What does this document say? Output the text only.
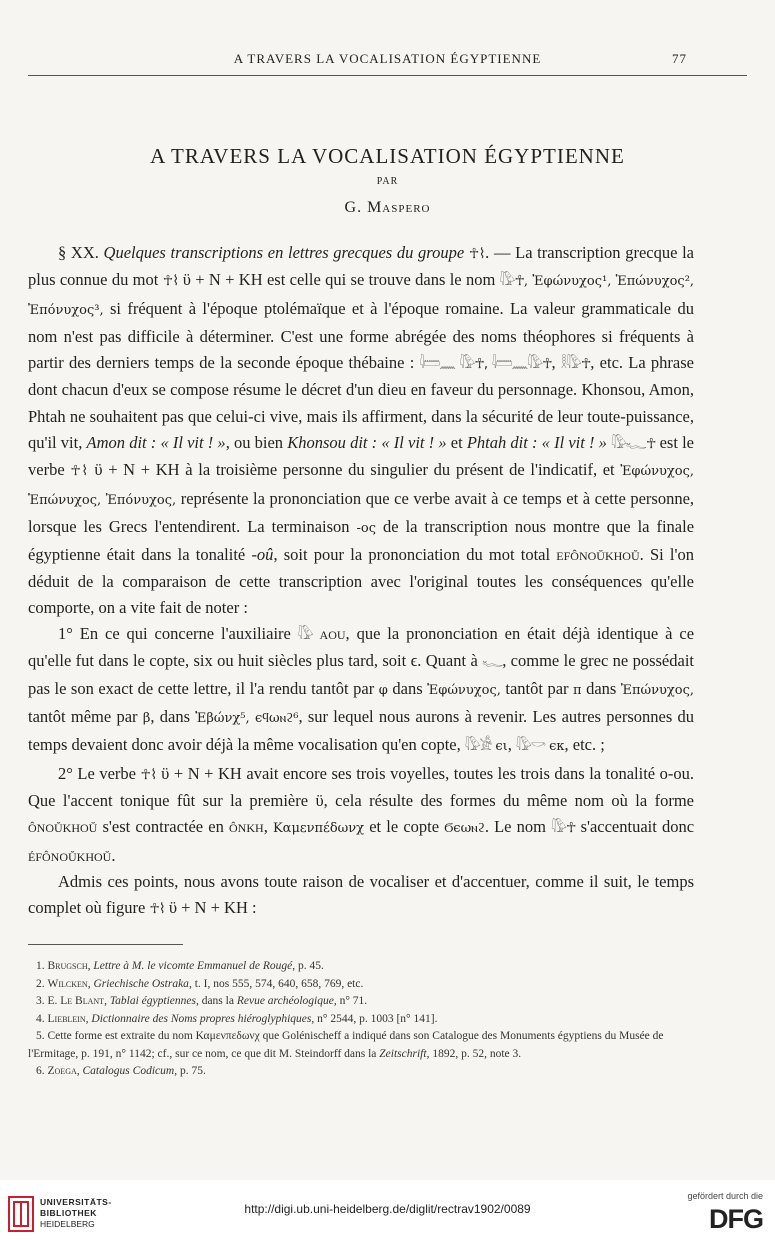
A TRAVERS LA VOCALISATION ÉGYPTIENNE	77
A TRAVERS LA VOCALISATION ÉGYPTIENNE
PAR
G. Maspero

§ XX. Quelques transcriptions en lettres grecques du groupe ☥⌇. — La transcription grecque la plus connue du mot ☥⌇ ϋ + N + KH est celle qui se trouve dans le nom 𓇋𓅱☥, Ἐφώνυχος¹, Ἐπώνυχος², Ἐπόνυχος³, si fréquent à l'époque ptolémaïque et à l'époque romaine. La valeur grammaticale du nom n'est pas difficile à déterminer. C'est une forme abrégée des noms théophores si fréquents à partir des derniers temps de la seconde époque thébaine : 𓇋𓏠𓈖 𓇋𓅱☥, 𓇋𓏠𓈖𓇋𓅱☥, 𓎛𓇋𓅱☥, etc. La phrase dont chacun d'eux se compose résume le décret d'un dieu en faveur du personnage. Khonsou, Amon, Phtah ne souhaitent pas que celui-ci vive, mais ils affirment, dans la sécurité de leur toute-puissance, qu'il vit, Amon dit : « Il vit ! », ou bien Khonsou dit : « Il vit ! » et Phtah dit : « Il vit ! » 𓇋𓅱𓆑☥ est le verbe ☥⌇ ϋ + N + KH à la troisième personne du singulier du présent de l'indicatif, et Ἐφώνυχος, Ἐπώνυχος, Ἐπόνυχος, représente la prononciation que ce verbe avait à ce temps et à cette personne, lorsque les Grecs l'entendirent. La terminaison -ος de la transcription nous montre que la finale égyptienne était dans la tonalité -oû, soit pour la prononciation du mot total efônoŭkhoŭ. Si l'on déduit de la comparaison de cette transcription avec l'original toutes les conséquences qu'elle comporte, on a vite fait de noter :

1° En ce qui concerne l'auxiliaire 𓇋𓅱 aou, que la prononciation en était déjà identique à ce qu'elle fut dans le copte, six ou huit siècles plus tard, soit ϵ. Quant à 𓆑, comme le grec ne possédait pas le son exact de cette lettre, il l'a rendu tantôt par φ dans Ἐφώνυχος, tantôt par π dans Ἐπώνυχος, tantôt même par β, dans Ἐβώνχ⁵, ϵϥωⲛϩ⁶, sur lequel nous aurons à revenir. Les autres personnes du temps devaient donc avoir déjà la même vocalisation qu'en copte, 𓇋𓅱𓀀 ϵι, 𓇋𓅱𓎡 ϵκ, etc. ;

2° Le verbe ☥⌇ ϋ + N + KH avait encore ses trois voyelles, toutes les trois dans la tonalité o-ou. Que l'accent tonique fût sur la première ϋ, cela résulte des formes du même nom où la forme ônoŭkhoŭ s'est contractée en ônkh, Καμενπέδωνχ et le copte Ϭϵωⲛϩ. Le nom 𓇋𓅱☥ s'accentuait donc éfônoŭkhoŭ.

Admis ces points, nous avons toute raison de vocaliser et d'accentuer, comme il suit, le temps complet où figure ☥⌇ ϋ + N + KH :

1. Brugsch, Lettre à M. le vicomte Emmanuel de Rougé, p. 45.

2. Wilcken, Griechische Ostraka, t. I, nos 555, 574, 640, 658, 769, etc.

3. E. Le Blant, Tablai égyptiennes, dans la Revue archéologique, n° 71.

4. Lieblein, Dictionnaire des Noms propres hiéroglyphiques, n° 2544, p. 1003 [n° 141].

5. Cette forme est extraite du nom Καμενπεδωνχ que Golénischeff a indiqué dans son Catalogue des Monuments égyptiens du Musée de l'Ermitage, p. 191, n° 1142; cf., sur ce nom, ce que dit M. Steindorff dans la Zeitschrift, 1892, p. 52, note 3.

6. Zoega, Catalogus Codicum, p. 75.

UNIVERSITÄTS-
BIBLIOTHEK
HEIDELBERG
http://digi.ub.uni-heidelberg.de/diglit/rectrav1902/0089
gefördert durch die
DFG
